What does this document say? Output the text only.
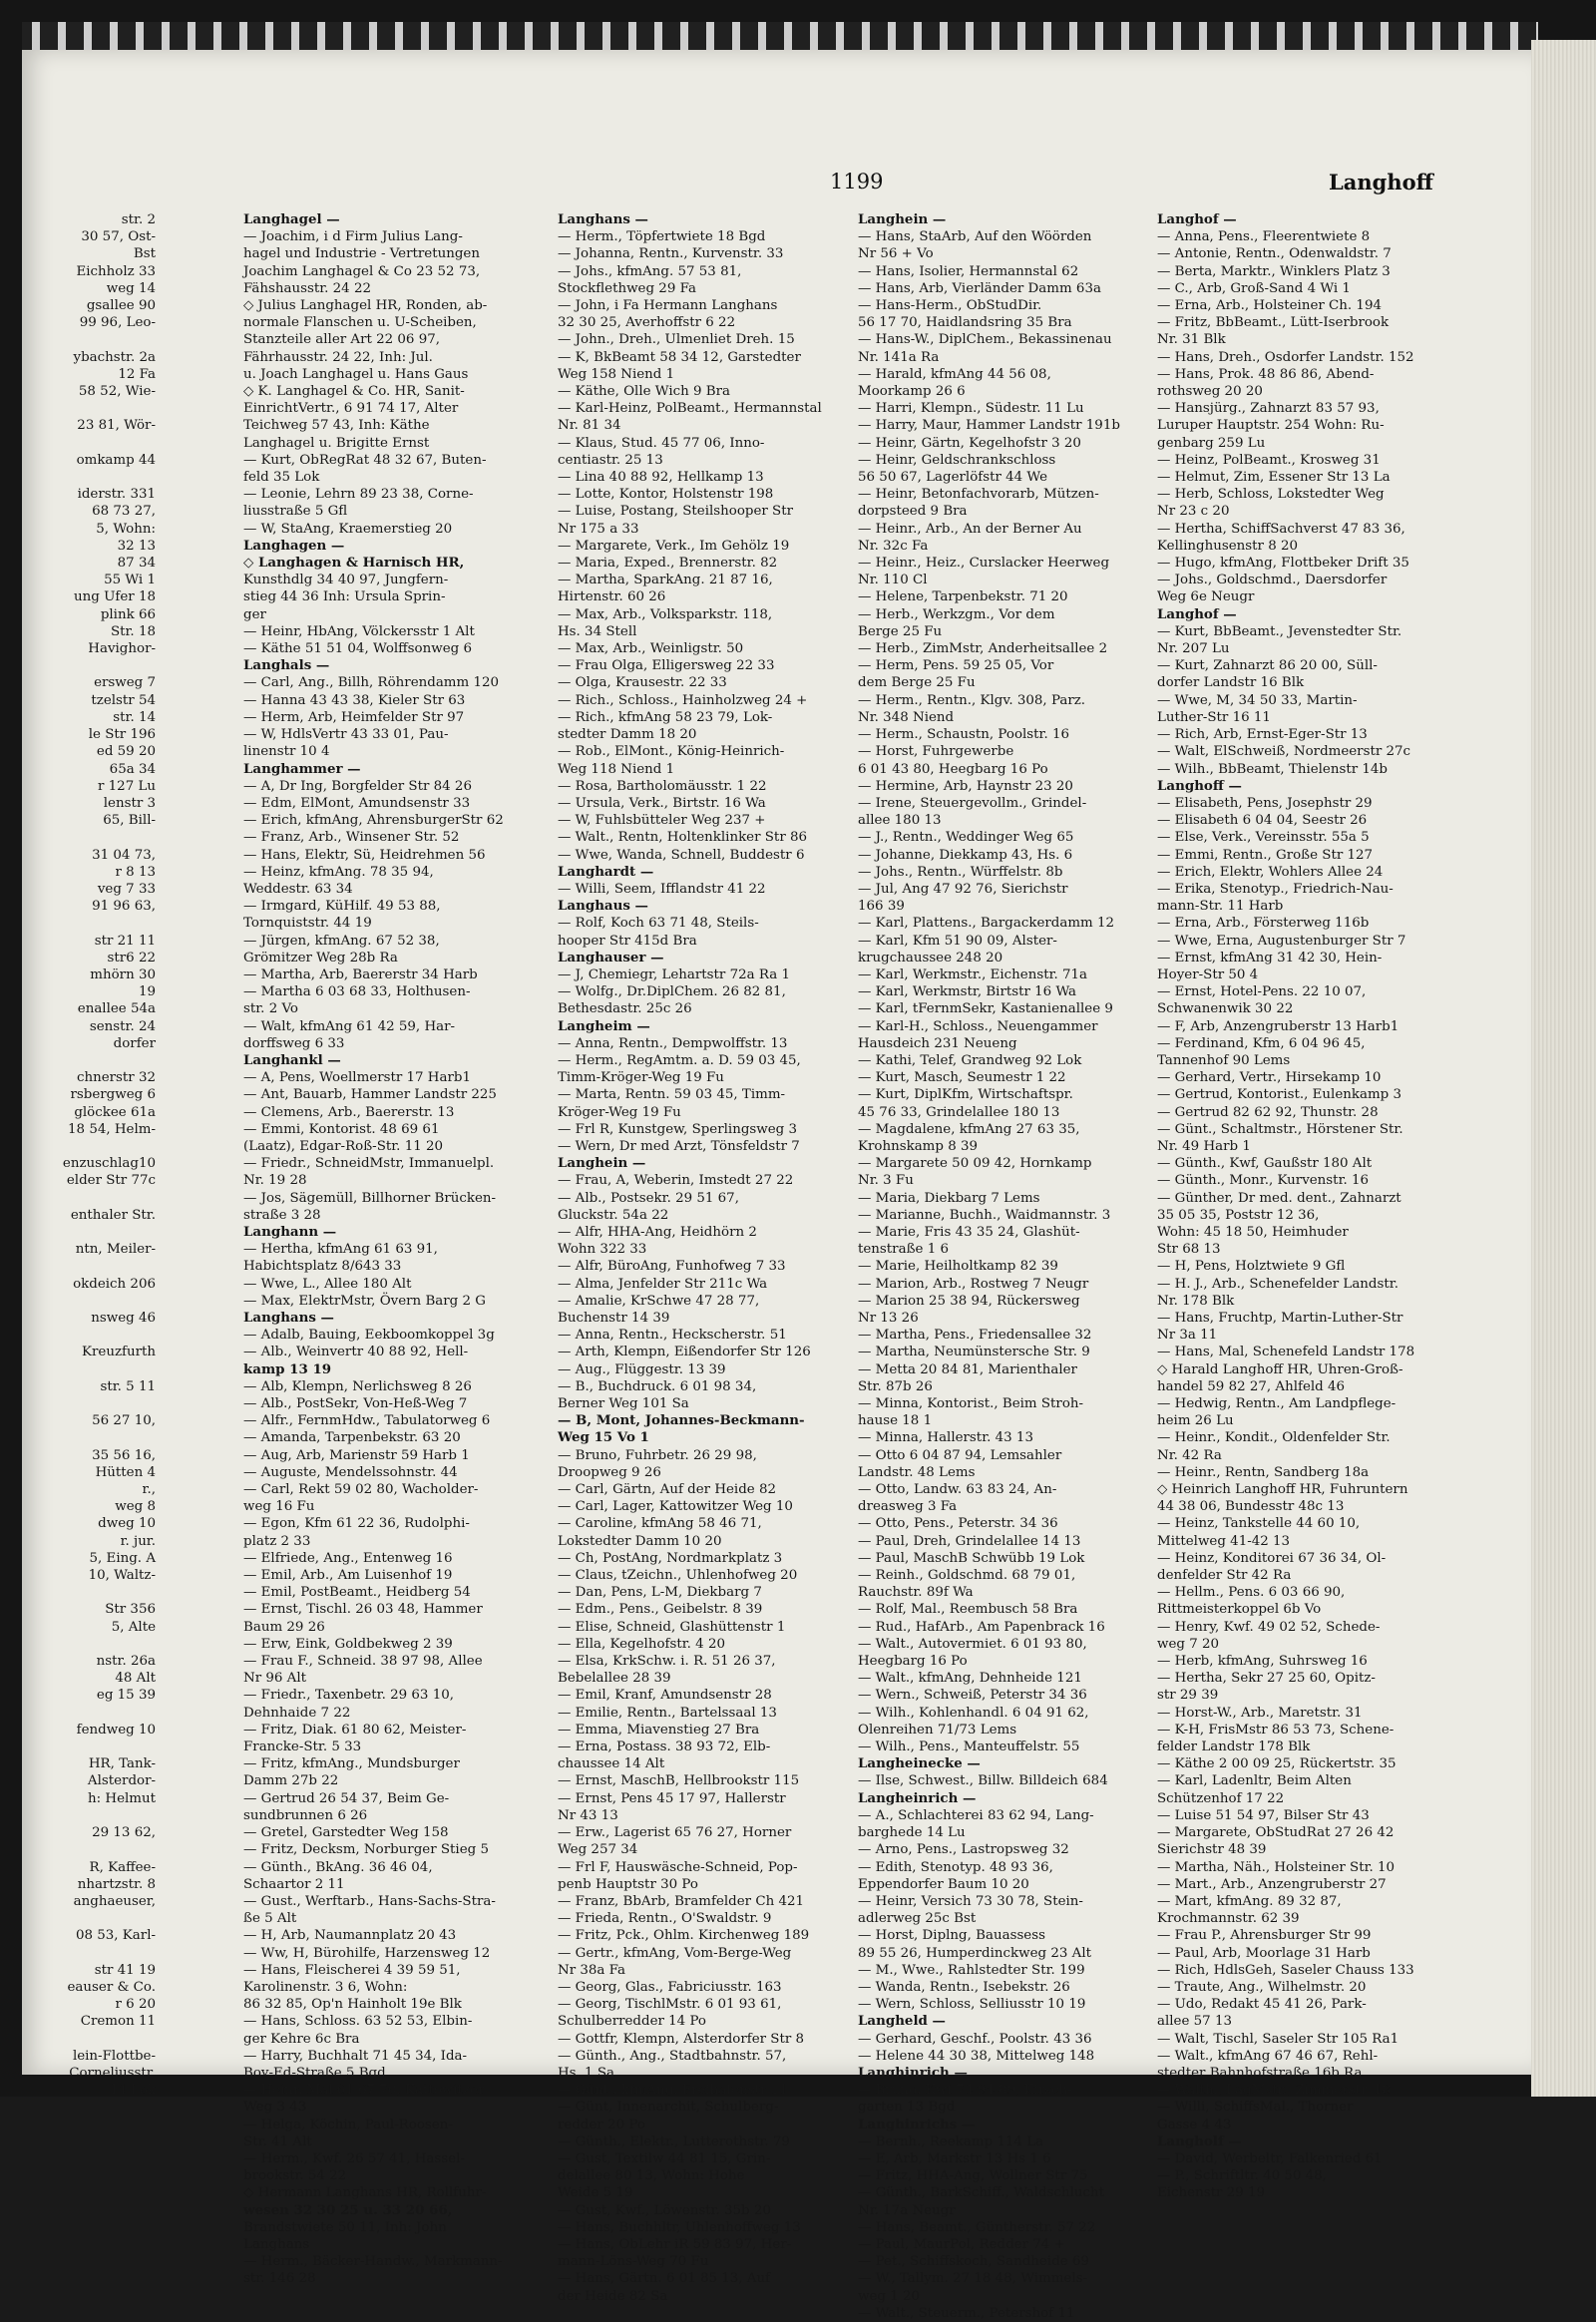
1199	Langhoff
str. 2
30 57, Ost-
Bst
Eichholz 33
weg 14
gsallee 90
99 96, Leo-

ybachstr. 2a
12 Fa
58 52, Wie-

23 81, Wör-

omkamp 44

iderstr. 331
68 73 27,
5, Wohn:
32 13
87 34
55 Wi 1
ung Ufer 18
plink 66
Str. 18
Havighor-

ersweg 7
tzelstr 54
str. 14
le Str 196
ed 59 20
65a 34
r 127 Lu
lenstr 3
65, Bill-

31 04 73,
r 8 13
veg 7 33
91 96 63,

str 21 11
str6 22
mhörn 30
19
enallee 54a
senstr. 24
dorfer

chnerstr 32
rsbergweg 6
glöckee 61a
18 54, Helm-

enzuschlag10
elder Str 77c

enthaler Str.

ntn, Meiler-

okdeich 206

nsweg 46

Kreuzfurth

str. 5 11

56 27 10,

35 56 16,
Hütten 4
r.,
weg 8
dweg 10
r. jur.
5, Eing. A
10, Waltz-

Str 356
5, Alte

nstr. 26a
48 Alt
eg 15 39

fendweg 10

HR, Tank-
Alsterdor-
h: Helmut

29 13 62,

R, Kaffee-
nhartzstr. 8
anghaeuser,

08 53, Karl-

str 41 19
eauser & Co.
r 6 20
Cremon 11

lein-Flottbe-
Corneliusstr.
14 Lok
Langhagel —
— Joachim, i d Firm Julius Lang-
hagel und Industrie - Vertretungen
Joachim Langhagel & Co 23 52 73,
Fähshausstr. 24 22
◇ Julius Langhagel HR, Ronden, ab-
normale Flanschen u. U-Scheiben,
Stanzteile aller Art 22 06 97,
Fährhausstr. 24 22, Inh: Jul.
u. Joach Langhagel u. Hans Gaus
◇ K. Langhagel & Co. HR, Sanit-
EinrichtVertr., 6 91 74 17, Alter
Teichweg 57 43, Inh: Käthe
Langhagel u. Brigitte Ernst
— Kurt, ObRegRat 48 32 67, Buten-
feld 35 Lok
— Leonie, Lehrn 89 23 38, Corne-
liusstraße 5 Gfl
— W, StaAng, Kraemerstieg 20
Langhagen —
◇ Langhagen & Harnisch HR,
Kunsthdlg 34 40 97, Jungfern-
stieg 44 36 Inh: Ursula Sprin-
ger
— Heinr, HbAng, Völckersstr 1 Alt
— Käthe 51 51 04, Wolffsonweg 6
Langhals —
— Carl, Ang., Billh, Röhrendamm 120
— Hanna 43 43 38, Kieler Str 63
— Herm, Arb, Heimfelder Str 97
— W, HdlsVertr 43 33 01, Pau-
linenstr 10 4
Langhammer —
— A, Dr Ing, Borgfelder Str 84 26
— Edm, ElMont, Amundsenstr 33
— Erich, kfmAng, AhrensburgerStr 62
— Franz, Arb., Winsener Str. 52
— Hans, Elektr, Sü, Heidrehmen 56
— Heinz, kfmAng. 78 35 94,
Weddestr. 63 34
— Irmgard, KüHilf. 49 53 88,
Tornquiststr. 44 19
— Jürgen, kfmAng. 67 52 38,
Grömitzer Weg 28b Ra
— Martha, Arb, Baererstr 34 Harb
— Martha 6 03 68 33, Holthusen-
str. 2 Vo
— Walt, kfmAng 61 42 59, Har-
dorffsweg 6 33
Langhankl —
— A, Pens, Woellmerstr 17 Harb1
— Ant, Bauarb, Hammer Landstr 225
— Clemens, Arb., Baererstr. 13
— Emmi, Kontorist. 48 69 61
(Laatz), Edgar-Roß-Str. 11 20
— Friedr., SchneidMstr, Immanuelpl.
Nr. 19 28
— Jos, Sägemüll, Billhorner Brücken-
straße 3 28
Langhann —
— Hertha, kfmAng 61 63 91,
Habichtsplatz 8/643 33
— Wwe, L., Allee 180 Alt
— Max, ElektrMstr, Övern Barg 2 G
Langhans —
— Adalb, Bauing, Eekboomkoppel 3g
— Alb., Weinvertr 40 88 92, Hell-
kamp 13 19
— Alb, Klempn, Nerlichsweg 8 26
— Alb., PostSekr, Von-Heß-Weg 7
— Alfr., FernmHdw., Tabulatorweg 6
— Amanda, Tarpenbekstr. 63 20
— Aug, Arb, Marienstr 59 Harb 1
— Auguste, Mendelssohnstr. 44
— Carl, Rekt 59 02 80, Wacholder-
weg 16 Fu
— Egon, Kfm 61 22 36, Rudolphi-
platz 2 33
— Elfriede, Ang., Entenweg 16
— Emil, Arb., Am Luisenhof 19
— Emil, PostBeamt., Heidberg 54
— Ernst, Tischl. 26 03 48, Hammer
Baum 29 26
— Erw, Eink, Goldbekweg 2 39
— Frau F., Schneid. 38 97 98, Allee
Nr 96 Alt
— Friedr., Taxenbetr. 29 63 10,
Dehnhaide 7 22
— Fritz, Diak. 61 80 62, Meister-
Francke-Str. 5 33
— Fritz, kfmAng., Mundsburger
Damm 27b 22
— Gertrud 26 54 37, Beim Ge-
sundbrunnen 6 26
— Gretel, Garstedter Weg 158
— Fritz, Decksm, Norburger Stieg 5
— Günth., BkAng. 36 46 04,
Schaartor 2 11
— Gust., Werftarb., Hans-Sachs-Stra-
ße 5 Alt
— H, Arb, Naumannplatz 20 43
— Ww, H, Bürohilfe, Harzensweg 12
— Hans, Fleischerei 4 39 59 51,
Karolinenstr. 3 6, Wohn:
86 32 85, Op'n Hainholt 19e Blk
— Hans, Schloss. 63 52 53, Elbin-
ger Kehre 6c Bra
— Harry, Buchhalt 71 45 34, Ida-
Boy-Ed-Straße 5 Bgd
— Heinr, Mal 61 67 70, Kattowitzer
Weg 3 43
— Helga, Köchin, Paul-Roosen-
Str. 41 Alt
— Herm., Kwf. 26 57 41, Hassel-
brookstr. 54 22
◇ Hermann Langhans HR, Rollfuhr-
wesen 32 30 25 u. 33 20 66,
Brandstwiete 50 11, Inh: John
Langhans
— Herm., Bäcker-Handw., Markmann-
str. 146 28
Langhans —
— Herm., Töpfertwiete 18 Bgd
— Johanna, Rentn., Kurvenstr. 33
— Johs., kfmAng. 57 53 81,
Stockflethweg 29 Fa
— John, i Fa Hermann Langhans
32 30 25, Averhoffstr 6 22
— John., Dreh., Ulmenliet Dreh. 15
— K, BkBeamt 58 34 12, Garstedter
Weg 158 Niend 1
— Käthe, Olle Wich 9 Bra
— Karl-Heinz, PolBeamt., Hermannstal
Nr. 81 34
— Klaus, Stud. 45 77 06, Inno-
centiastr. 25 13
— Lina 40 88 92, Hellkamp 13
— Lotte, Kontor, Holstenstr 198
— Luise, Postang, Steilshooper Str
Nr 175 a 33
— Margarete, Verk., Im Gehölz 19
— Maria, Exped., Brennerstr. 82
— Martha, SparkAng. 21 87 16,
Hirtenstr. 60 26
— Max, Arb., Volksparkstr. 118,
Hs. 34 Stell
— Max, Arb., Weinligstr. 50
— Frau Olga, Elligersweg 22 33
— Olga, Krausestr. 22 33
— Rich., Schloss., Hainholzweg 24 +
— Rich., kfmAng 58 23 79, Lok-
stedter Damm 18 20
— Rob., ElMont., König-Heinrich-
Weg 118 Niend 1
— Rosa, Bartholomäusstr. 1 22
— Ursula, Verk., Birtstr. 16 Wa
— W, Fuhlsbütteler Weg 237 +
— Walt., Rentn, Holtenklinker Str 86
— Wwe, Wanda, Schnell, Buddestr 6
Langhardt —
— Willi, Seem, Ifflandstr 41 22
Langhaus —
— Rolf, Koch 63 71 48, Steils-
hooper Str 415d Bra
Langhauser —
— J, Chemiegr, Lehartstr 72a Ra 1
— Wolfg., Dr.DiplChem. 26 82 81,
Bethesdastr. 25c 26
Langheim —
— Anna, Rentn., Dempwolffstr. 13
— Herm., RegAmtm. a. D. 59 03 45,
Timm-Kröger-Weg 19 Fu
— Marta, Rentn. 59 03 45, Timm-
Kröger-Weg 19 Fu
— Frl R, Kunstgew, Sperlingsweg 3
— Wern, Dr med Arzt, Tönsfeldstr 7
Langhein —
— Frau, A, Weberin, Imstedt 27 22
— Alb., Postsekr. 29 51 67,
Gluckstr. 54a 22
— Alfr, HHA-Ang, Heidhörn 2
Wohn 322 33
— Alfr, BüroAng, Funhofweg 7 33
— Alma, Jenfelder Str 211c Wa
— Amalie, KrSchwe 47 28 77,
Buchenstr 14 39
— Anna, Rentn., Heckscherstr. 51
— Arth, Klempn, Eißendorfer Str 126
— Aug., Flüggestr. 13 39
— B., Buchdruck. 6 01 98 34,
Berner Weg 101 Sa
— B, Mont, Johannes-Beckmann-
Weg 15 Vo 1
— Bruno, Fuhrbetr. 26 29 98,
Droopweg 9 26
— Carl, Gärtn, Auf der Heide 82
— Carl, Lager, Kattowitzer Weg 10
— Caroline, kfmAng 58 46 71,
Lokstedter Damm 10 20
— Ch, PostAng, Nordmarkplatz 3
— Claus, tZeichn., Uhlenhofweg 20
— Dan, Pens, L-M, Diekbarg 7
— Edm., Pens., Geibelstr. 8 39
— Elise, Schneid, Glashüttenstr 1
— Ella, Kegelhofstr. 4 20
— Elsa, KrkSchw. i. R. 51 26 37,
Bebelallee 28 39
— Emil, Kranf, Amundsenstr 28
— Emilie, Rentn., Bartelssaal 13
— Emma, Miavenstieg 27 Bra
— Erna, Postass. 38 93 72, Elb-
chaussee 14 Alt
— Ernst, MaschB, Hellbrookstr 115
— Ernst, Pens 45 17 97, Hallerstr
Nr 43 13
— Erw., Lagerist 65 76 27, Horner
Weg 257 34
— Frl F, Hauswäsche-Schneid, Pop-
penb Hauptstr 30 Po
— Franz, BbArb, Bramfelder Ch 421
— Frieda, Rentn., O'Swaldstr. 9
— Fritz, Pck., Ohlm. Kirchenweg 189
— Gertr., kfmAng, Vom-Berge-Weg
Nr 38a Fa
— Georg, Glas., Fabriciusstr. 163
— Georg, TischlMstr. 6 01 93 61,
Schulberredder 14 Po
— Gottfr, Klempn, Alsterdorfer Str 8
— Günth., Ang., Stadtbahnstr. 57,
Hs. 1 Sa
— Günt., kfmAng, Freihafenstr 11
— Günt, Innenarchit, Schulberg-
redder 20 Po
— Günth., Elektr., Lutterothstr. 79
— Gust, Textilw 44 81 15, Grin-
delallee 80 13, Wohn: Hohe
Weide 5 19
— Gust, Kwf., Löwenstr. 35b 20
— Hans, Buchhltr, Uhlenhoffweg 13
— Hans, ObLehr iR 59 83 97, Her-
mann-Löns-Weg 70 Fu
— Hans, Gärtn. 6 01 85 13, Auf
der Heide 82 Sa
Langhein —
— Hans, StaArb, Auf den Wöörden
Nr 56 + Vo
— Hans, Isolier, Hermannstal 62
— Hans, Arb, Vierländer Damm 63a
— Hans-Herm., ObStudDir.
56 17 70, Haidlandsring 35 Bra
— Hans-W., DiplChem., Bekassinenau
Nr. 141a Ra
— Harald, kfmAng 44 56 08,
Moorkamp 26 6
— Harri, Klempn., Südestr. 11 Lu
— Harry, Maur, Hammer Landstr 191b
— Heinr, Gärtn, Kegelhofstr 3 20
— Heinr, Geldschrankschloss
56 50 67, Lagerlöfstr 44 We
— Heinr, Betonfachvorarb, Mützen-
dorpsteed 9 Bra
— Heinr., Arb., An der Berner Au
Nr. 32c Fa
— Heinr., Heiz., Curslacker Heerweg
Nr. 110 Cl
— Helene, Tarpenbekstr. 71 20
— Herb., Werkzgm., Vor dem
Berge 25 Fu
— Herb., ZimMstr, Anderheitsallee 2
— Herm, Pens. 59 25 05, Vor
dem Berge 25 Fu
— Herm., Rentn., Klgv. 308, Parz.
Nr. 348 Niend
— Herm., Schaustn, Poolstr. 16
— Horst, Fuhrgewerbe
6 01 43 80, Heegbarg 16 Po
— Hermine, Arb, Haynstr 23 20
— Irene, Steuergevollm., Grindel-
allee 180 13
— J., Rentn., Weddinger Weg 65
— Johanne, Diekkamp 43, Hs. 6
— Johs., Rentn., Würffelstr. 8b
— Jul, Ang 47 92 76, Sierichstr
166 39
— Karl, Plattens., Bargackerdamm 12
— Karl, Kfm 51 90 09, Alster-
krugchaussee 248 20
— Karl, Werkmstr., Eichenstr. 71a
— Karl, Werkmstr, Birtstr 16 Wa
— Karl, tFernmSekr, Kastanienallee 9
— Karl-H., Schloss., Neuengammer
Hausdeich 231 Neueng
— Kathi, Telef, Grandweg 92 Lok
— Kurt, Masch, Seumestr 1 22
— Kurt, DiplKfm, Wirtschaftspr.
45 76 33, Grindelallee 180 13
— Magdalene, kfmAng 27 63 35,
Krohnskamp 8 39
— Margarete 50 09 42, Hornkamp
Nr. 3 Fu
— Maria, Diekbarg 7 Lems
— Marianne, Buchh., Waidmannstr. 3
— Marie, Fris 43 35 24, Glashüt-
tenstraße 1 6
— Marie, Heilholtkamp 82 39
— Marion, Arb., Rostweg 7 Neugr
— Marion 25 38 94, Rückersweg
Nr 13 26
— Martha, Pens., Friedensallee 32
— Martha, Neumünstersche Str. 9
— Metta 20 84 81, Marienthaler
Str. 87b 26
— Minna, Kontorist., Beim Stroh-
hause 18 1
— Minna, Hallerstr. 43 13
— Otto 6 04 87 94, Lemsahler
Landstr. 48 Lems
— Otto, Landw. 63 83 24, An-
dreasweg 3 Fa
— Otto, Pens., Peterstr. 34 36
— Paul, Dreh, Grindelallee 14 13
— Paul, MaschB Schwübb 19 Lok
— Reinh., Goldschmd. 68 79 01,
Rauchstr. 89f Wa
— Rolf, Mal., Reembusch 58 Bra
— Rud., HafArb., Am Papenbrack 16
— Walt., Autovermiet. 6 01 93 80,
Heegbarg 16 Po
— Walt., kfmAng, Dehnheide 121
— Wern., Schweiß, Peterstr 34 36
— Wilh., Kohlenhandl. 6 04 91 62,
Olenreihen 71/73 Lems
— Wilh., Pens., Manteuffelstr. 55
Langheinecke —
— Ilse, Schwest., Billw. Billdeich 684
Langheinrich —
— A., Schlachterei 83 62 94, Lang-
barghede 14 Lu
— Arno, Pens., Lastropsweg 32
— Edith, Stenotyp. 48 93 36,
Eppendorfer Baum 10 20
— Heinr, Versich 73 30 78, Stein-
adlerweg 25c Bst
— Horst, Diplng, Bauassess
89 55 26, Humperdinckweg 23 Alt
— M., Wwe., Rahlstedter Str. 199
— Wanda, Rentn., Isebekstr. 26
— Wern, Schloss, Selliusstr 10 19
Langheld —
— Gerhard, Geschf., Poolstr. 43 36
— Helene 44 30 38, Mittelweg 148
Langhinrich —
— Bruno, Kwf 74 94 89, Kirsch-
garten 13 Bgd
Langhinrichs —
— Bernh., Reekamp 114 La
— E, Arb, Markstr 13 Hs 1 6
— Fritz, HHA-Ang, Wollner Str 75
— Günth., BarkSchiff., Waldschlucht
Nr. 17a Neugr
— Hans, Beamt., Güntherstr. 57 22
— Paul, MaurPol, Redder 74 +
— Pet., Schiffskoch, Sandheide 69
— W., Tallym. 27 18 48, Wimmels-
weg 1 20
— Walt., Steuerm., Petershof 11
Langhof —
— Anna, Pens., Fleerentwiete 8
— Antonie, Rentn., Odenwaldstr. 7
— Berta, Marktr., Winklers Platz 3
— C., Arb, Groß-Sand 4 Wi 1
— Erna, Arb., Holsteiner Ch. 194
— Fritz, BbBeamt., Lütt-Iserbrook
Nr. 31 Blk
— Hans, Dreh., Osdorfer Landstr. 152
— Hans, Prok. 48 86 86, Abend-
rothsweg 20 20
— Hansjürg., Zahnarzt 83 57 93,
Luruper Hauptstr. 254 Wohn: Ru-
genbarg 259 Lu
— Heinz, PolBeamt., Krosweg 31
— Helmut, Zim, Essener Str 13 La
— Herb, Schloss, Lokstedter Weg
Nr 23 c 20
— Hertha, SchiffSachverst 47 83 36,
Kellinghusenstr 8 20
— Hugo, kfmAng, Flottbeker Drift 35
— Johs., Goldschmd., Daersdorfer
Weg 6e Neugr
Langhof —
— Kurt, BbBeamt., Jevenstedter Str.
Nr. 207 Lu
— Kurt, Zahnarzt 86 20 00, Süll-
dorfer Landstr 16 Blk
— Wwe, M, 34 50 33, Martin-
Luther-Str 16 11
— Rich, Arb, Ernst-Eger-Str 13
— Walt, ElSchweiß, Nordmeerstr 27c
— Wilh., BbBeamt, Thielenstr 14b
Langhoff —
— Elisabeth, Pens, Josephstr 29
— Elisabeth 6 04 04, Seestr 26
— Else, Verk., Vereinsstr. 55a 5
— Emmi, Rentn., Große Str 127
— Erich, Elektr, Wohlers Allee 24
— Erika, Stenotyp., Friedrich-Nau-
mann-Str. 11 Harb
— Erna, Arb., Försterweg 116b
— Wwe, Erna, Augustenburger Str 7
— Ernst, kfmAng 31 42 30, Hein-
Hoyer-Str 50 4
— Ernst, Hotel-Pens. 22 10 07,
Schwanenwik 30 22
— F, Arb, Anzengruberstr 13 Harb1
— Ferdinand, Kfm, 6 04 96 45,
Tannenhof 90 Lems
— Gerhard, Vertr., Hirsekamp 10
— Gertrud, Kontorist., Eulenkamp 3
— Gertrud 82 62 92, Thunstr. 28
— Günt., Schaltmstr., Hörstener Str.
Nr. 49 Harb 1
— Günth., Kwf, Gaußstr 180 Alt
— Günth., Monr., Kurvenstr. 16
— Günther, Dr med. dent., Zahnarzt
35 05 35, Poststr 12 36,
Wohn: 45 18 50, Heimhuder
Str 68 13
— H, Pens, Holztwiete 9 Gfl
— H. J., Arb., Schenefelder Landstr.
Nr. 178 Blk
— Hans, Fruchtp, Martin-Luther-Str
Nr 3a 11
— Hans, Mal, Schenefeld Landstr 178
◇ Harald Langhoff HR, Uhren-Groß-
handel 59 82 27, Ahlfeld 46
— Hedwig, Rentn., Am Landpflege-
heim 26 Lu
— Heinr., Kondit., Oldenfelder Str.
Nr. 42 Ra
— Heinr., Rentn, Sandberg 18a
◇ Heinrich Langhoff HR, Fuhruntern
44 38 06, Bundesstr 48c 13
— Heinz, Tankstelle 44 60 10,
Mittelweg 41-42 13
— Heinz, Konditorei 67 36 34, Ol-
denfelder Str 42 Ra
— Hellm., Pens. 6 03 66 90,
Rittmeisterkoppel 6b Vo
— Henry, Kwf. 49 02 52, Schede-
weg 7 20
— Herb, kfmAng, Suhrsweg 16
— Hertha, Sekr 27 25 60, Opitz-
str 29 39
— Horst-W., Arb., Maretstr. 31
— K-H, FrisMstr 86 53 73, Schene-
felder Landstr 178 Blk
— Käthe 2 00 09 25, Rückertstr. 35
— Karl, Ladenltr, Beim Alten
Schützenhof 17 22
— Luise 51 54 97, Bilser Str 43
— Margarete, ObStudRat 27 26 42
Sierichstr 48 39
— Martha, Näh., Holsteiner Str. 10
— Mart., Arb., Anzengruberstr 27
— Mart, kfmAng. 89 32 87,
Krochmannstr. 62 39
— Frau P., Ahrensburger Str 99
— Paul, Arb, Moorlage 31 Harb
— Rich, HdlsGeh, Saseler Chauss 133
— Traute, Ang., Wilhelmstr. 20
— Udo, Redakt 45 41 26, Park-
allee 57 13
— Walt, Tischl, Saseler Str 105 Ra1
— Walt., kfmAng 67 46 67, Rehl-
stedter Bahnhofstraße 16b Ra
— Walth., LagMstr., Zimmerstr. 18
— Willi, SchiffsMal., Thorner
Gasse 4 43
Langholf —
— David, Werbeltr, Falkenried 61
— P., Schriftltr. 40 50 48,
Eichenstr 29 19
